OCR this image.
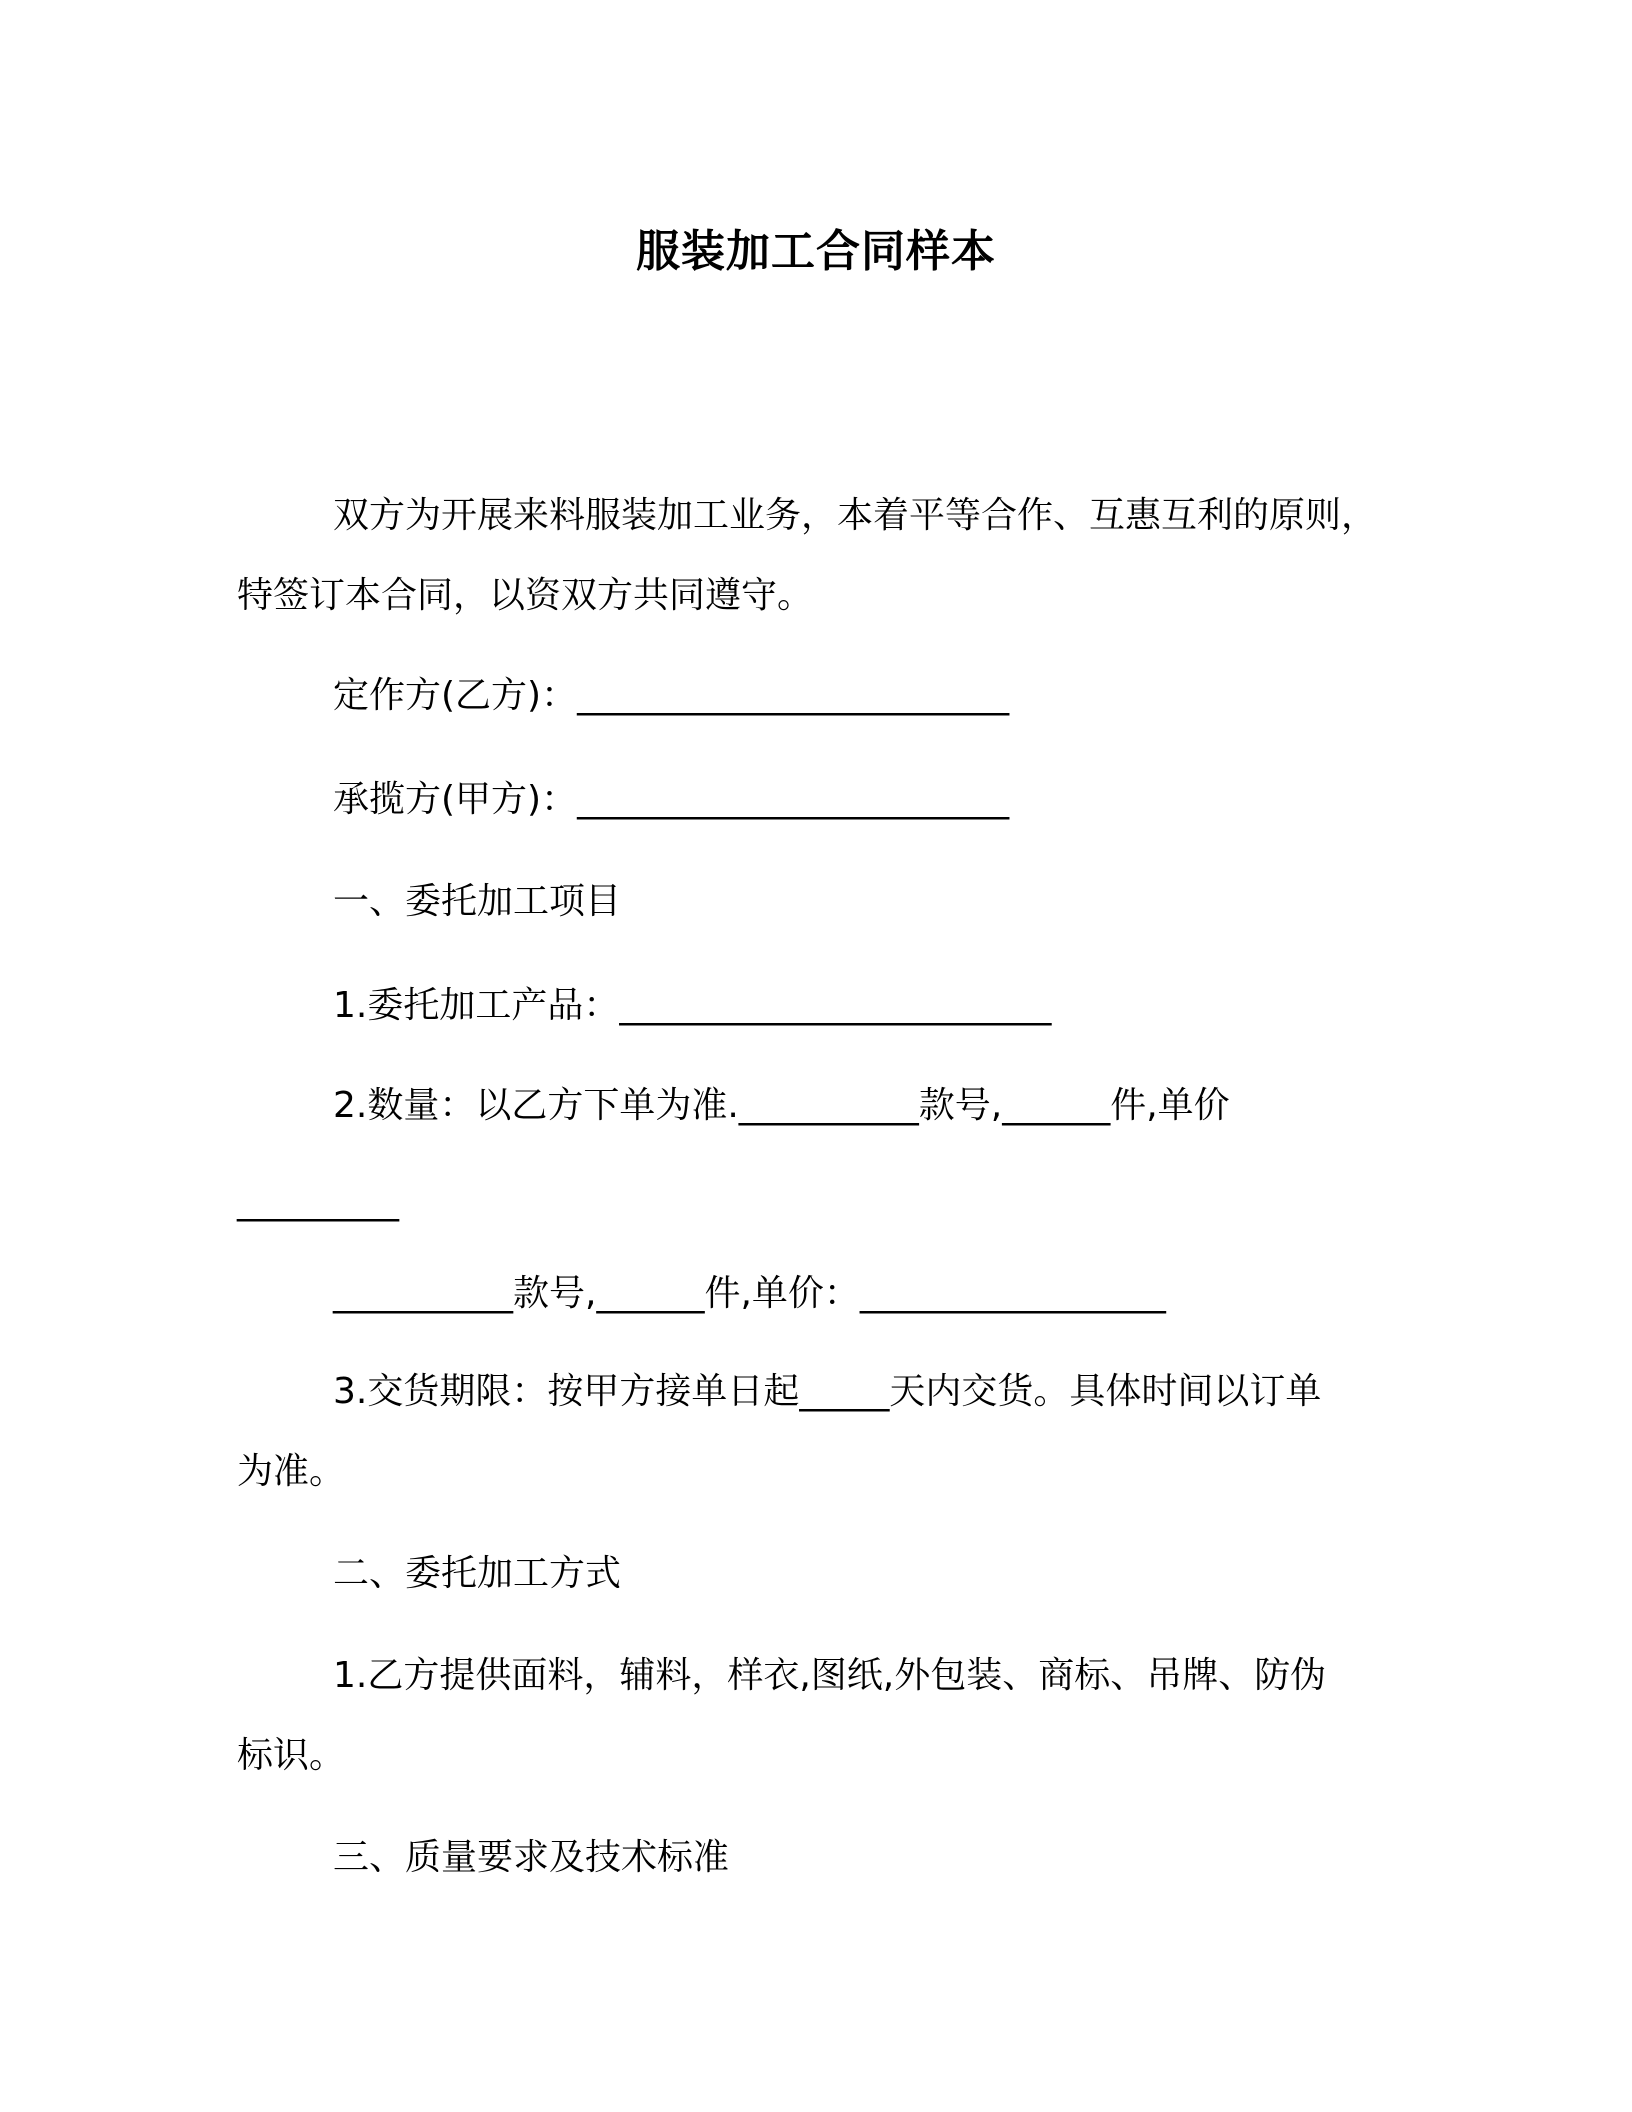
服装加工合同样本
双方为开展来料服装加工业务，本着平等合作、互惠互利的原则，
特签订本合同，以资双方共同遵守。
定作方(乙方)：________________________
承揽方(甲方)：________________________
一、委托加工项目
1.委托加工产品：________________________
2.数量：以乙方下单为准.__________款号,______件,单价
_________
__________款号,______件,单价：_________________
3.交货期限：按甲方接单日起_____天内交货。具体时间以订单
为准。
二、委托加工方式
1.乙方提供面料，辅料，样衣,图纸,外包装、商标、吊牌、防伪
标识。
三、质量要求及技术标准
